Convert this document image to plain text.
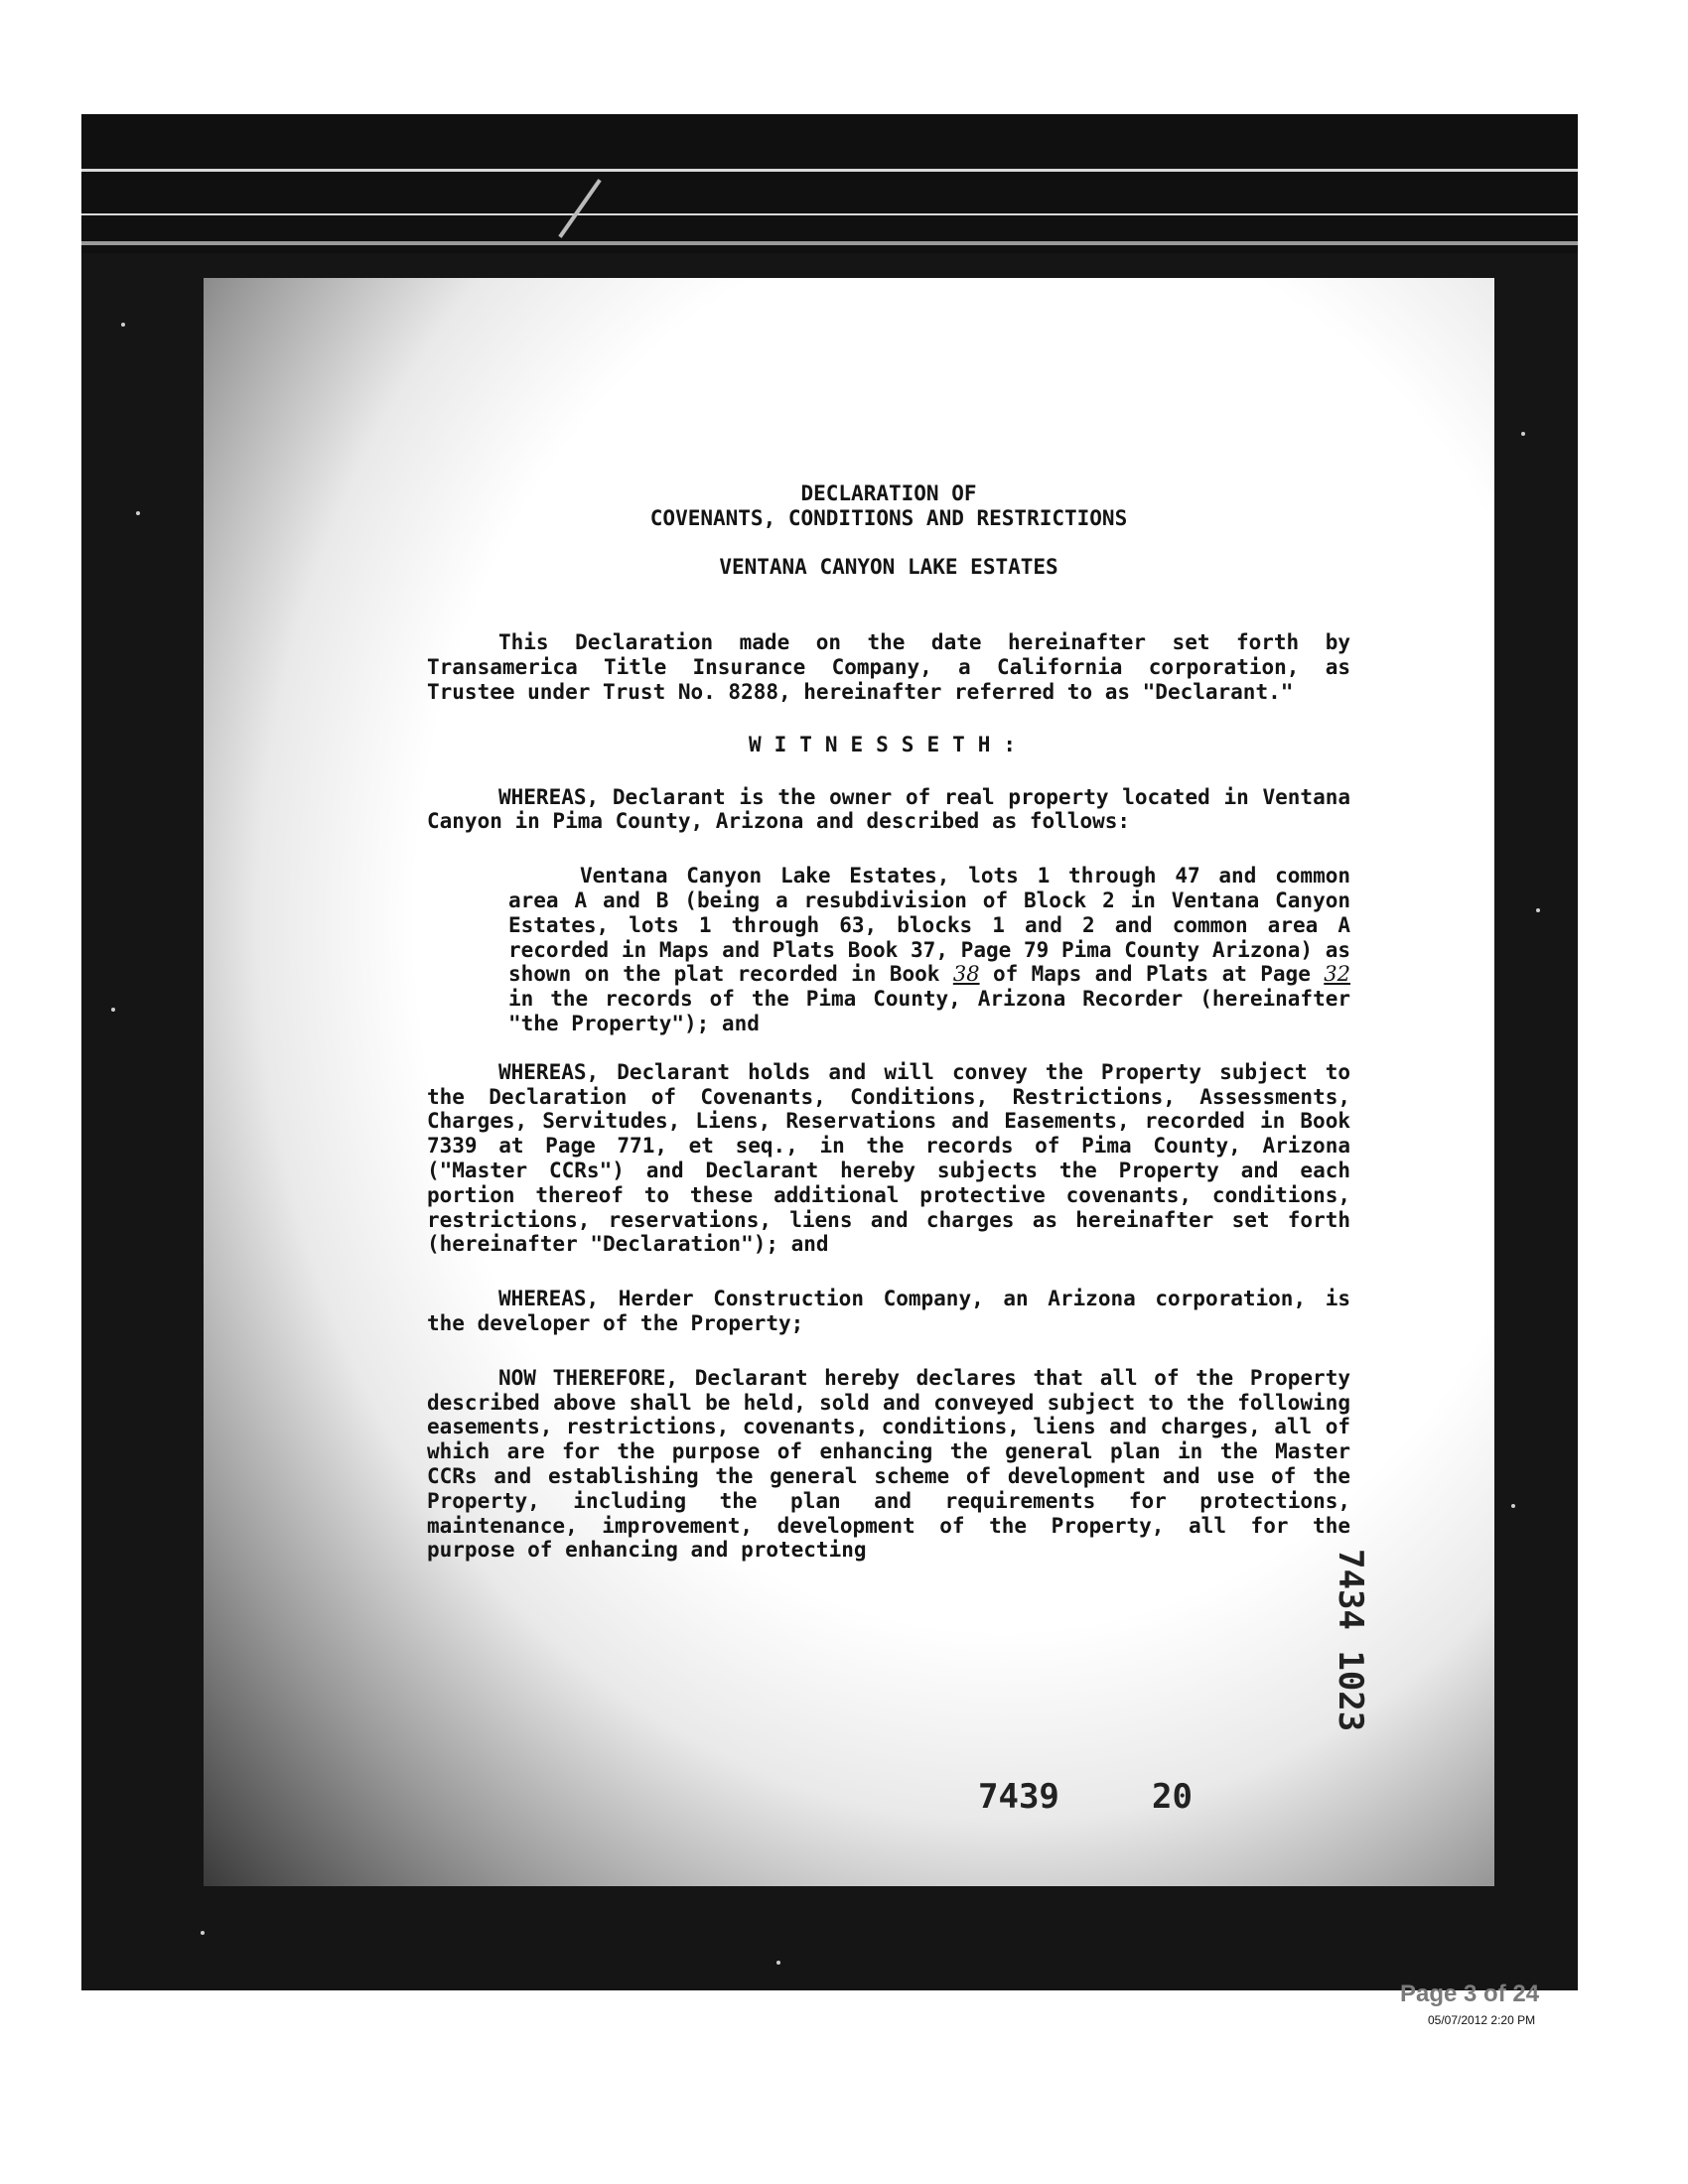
DECLARATION OF

COVENANTS, CONDITIONS AND RESTRICTIONS

VENTANA CANYON LAKE ESTATES

This Declaration made on the date hereinafter set forth by Transamerica Title Insurance Company, a California corporation, as Trustee under Trust No. 8288, hereinafter referred to as "Declarant."

WITNESSETH:

WHEREAS, Declarant is the owner of real property located in Ventana Canyon in Pima County, Arizona and described as follows:

Ventana Canyon Lake Estates, lots 1 through 47 and common area A and B (being a resubdivision of Block 2 in Ventana Canyon Estates, lots 1 through 63, blocks 1 and 2 and common area A recorded in Maps and Plats Book 37, Page 79 Pima County Arizona) as shown on the plat recorded in Book 38 of Maps and Plats at Page 32 in the records of the Pima County, Arizona Recorder (hereinafter "the Property"); and

WHEREAS, Declarant holds and will convey the Property subject to the Declaration of Covenants, Conditions, Restrictions, Assessments, Charges, Servitudes, Liens, Reservations and Easements, recorded in Book 7339 at Page 771, et seq., in the records of Pima County, Arizona ("Master CCRs") and Declarant hereby subjects the Property and each portion thereof to these additional protective covenants, conditions, restrictions, reservations, liens and charges as hereinafter set forth (hereinafter "Declaration"); and

WHEREAS, Herder Construction Company, an Arizona corporation, is the developer of the Property;

NOW THEREFORE, Declarant hereby declares that all of the Property described above shall be held, sold and conveyed subject to the following easements, restrictions, covenants, conditions, liens and charges, all of which are for the purpose of enhancing the general plan in the Master CCRs and establishing the general scheme of development and use of the Property, including the plan and requirements for protections, maintenance, improvement, development of the Property, all for the purpose of enhancing and protecting

7439	20
7434 1023
Page 3 of 24
05/07/2012 2:20 PM
